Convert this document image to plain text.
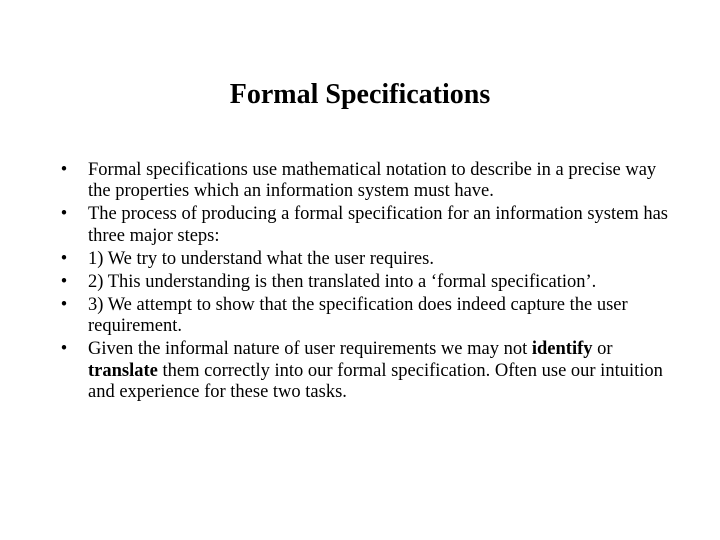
Formal Specifications
• Formal specifications use mathematical notation to describe in a precise way the properties which an information system must have.
• The process of producing a formal specification for an information system has three major steps:
• 1) We try to understand what the user requires.
• 2) This understanding is then translated into a ‘formal specification’.
• 3) We attempt to show that the specification does indeed capture the user requirement.
• Given the informal nature of user requirements we may not identify or translate them correctly into our formal specification. Often use our intuition and experience for these two tasks.
